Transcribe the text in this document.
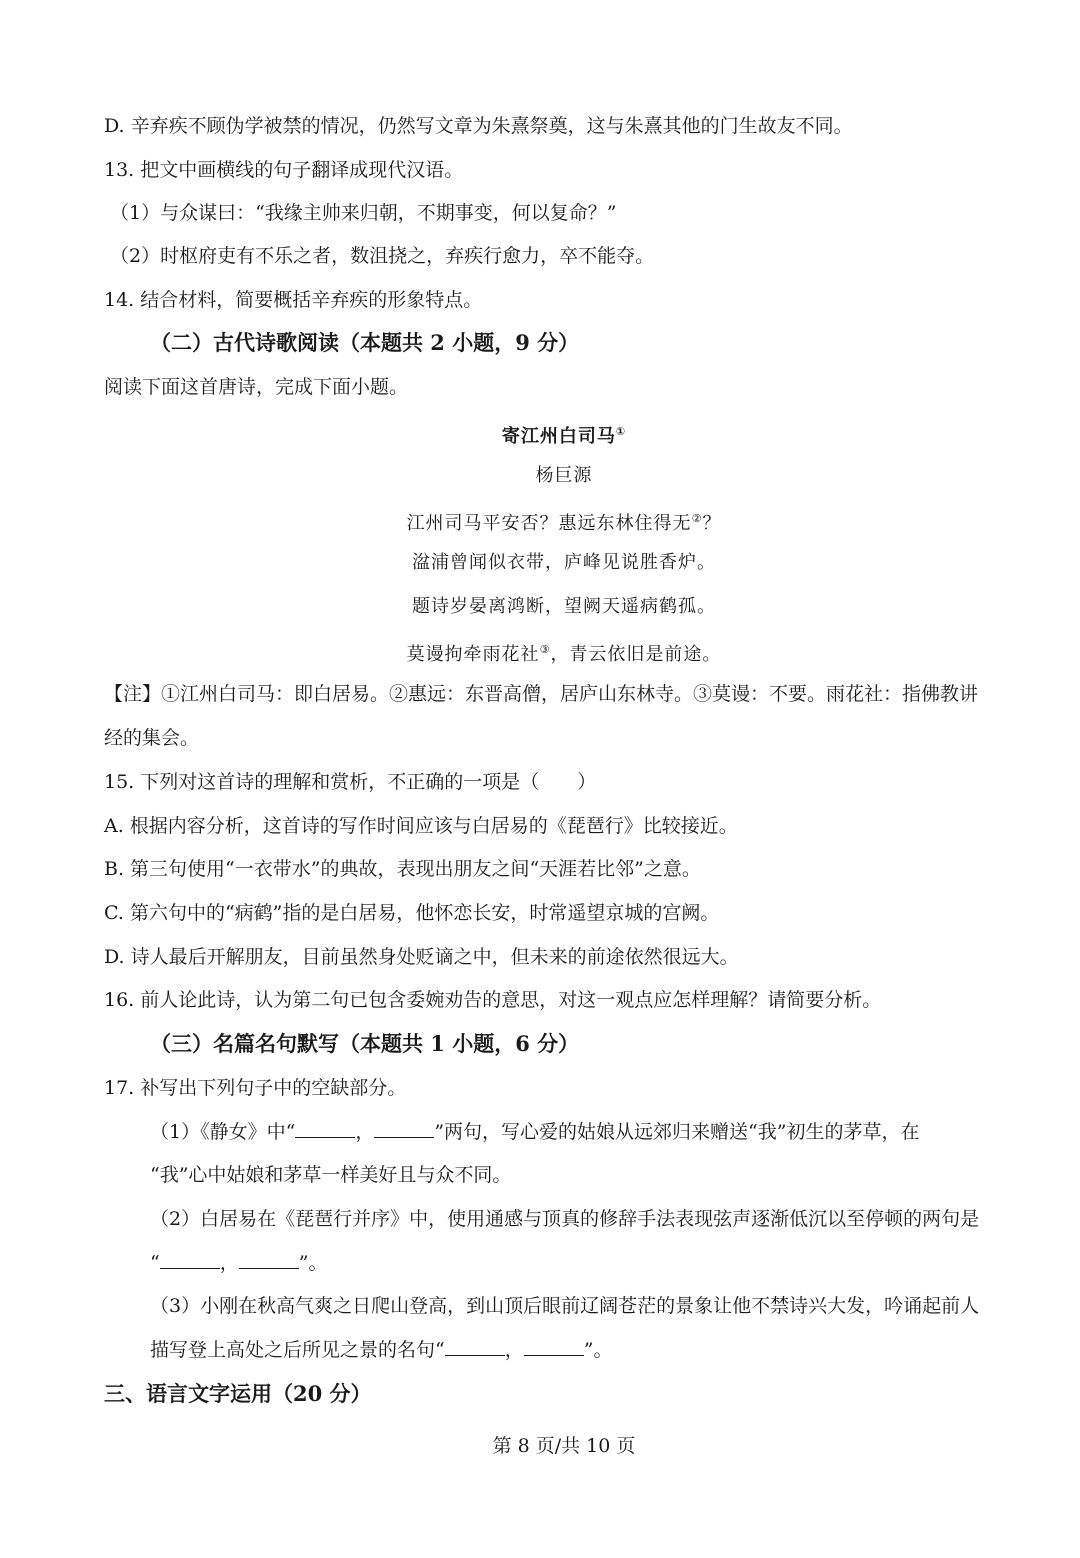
D. 辛弃疾不顾伪学被禁的情况，仍然写文章为朱熹祭奠，这与朱熹其他的门生故友不同。
13. 把文中画横线的句子翻译成现代汉语。
（1）与众谋曰：“我缘主帅来归朝，不期事变，何以复命？”
（2）时枢府吏有不乐之者，数沮挠之，弃疾行愈力，卒不能夺。
14. 结合材料，简要概括辛弃疾的形象特点。
（二）古代诗歌阅读（本题共 2 小题，9 分）
阅读下面这首唐诗，完成下面小题。
寄江州白司马①
杨巨源
江州司马平安否？惠远东林住得无②？
湓浦曾闻似衣带，庐峰见说胜香炉。
题诗岁晏离鸿断，望阙天遥病鹤孤。
莫谩拘牵雨花社③，青云依旧是前途。
【注】①江州白司马：即白居易。②惠远：东晋高僧，居庐山东林寺。③莫谩：不要。雨花社：指佛教讲
经的集会。
15. 下列对这首诗的理解和赏析，不正确的一项是（　　）
A. 根据内容分析，这首诗的写作时间应该与白居易的《琵琶行》比较接近。
B. 第三句使用“一衣带水”的典故，表现出朋友之间“天涯若比邻”之意。
C. 第六句中的“病鹤”指的是白居易，他怀恋长安，时常遥望京城的宫阙。
D. 诗人最后开解朋友，目前虽然身处贬谪之中，但未来的前途依然很远大。
16. 前人论此诗，认为第二句已包含委婉劝告的意思，对这一观点应怎样理解？请简要分析。
（三）名篇名句默写（本题共 1 小题，6 分）
17. 补写出下列句子中的空缺部分。
（1）《静女》中“	，	”两句，写心爱的姑娘从远郊归来赠送“我”初生的茅草，在
“我”心中姑娘和茅草一样美好且与众不同。
（2）白居易在《琵琶行并序》中，使用通感与顶真的修辞手法表现弦声逐渐低沉以至停顿的两句是
“	，	”。
（3）小刚在秋高气爽之日爬山登高，到山顶后眼前辽阔苍茫的景象让他不禁诗兴大发，吟诵起前人
描写登上高处之后所见之景的名句“	，	”。
三、语言文字运用（20 分）
第 8 页/共 10 页
